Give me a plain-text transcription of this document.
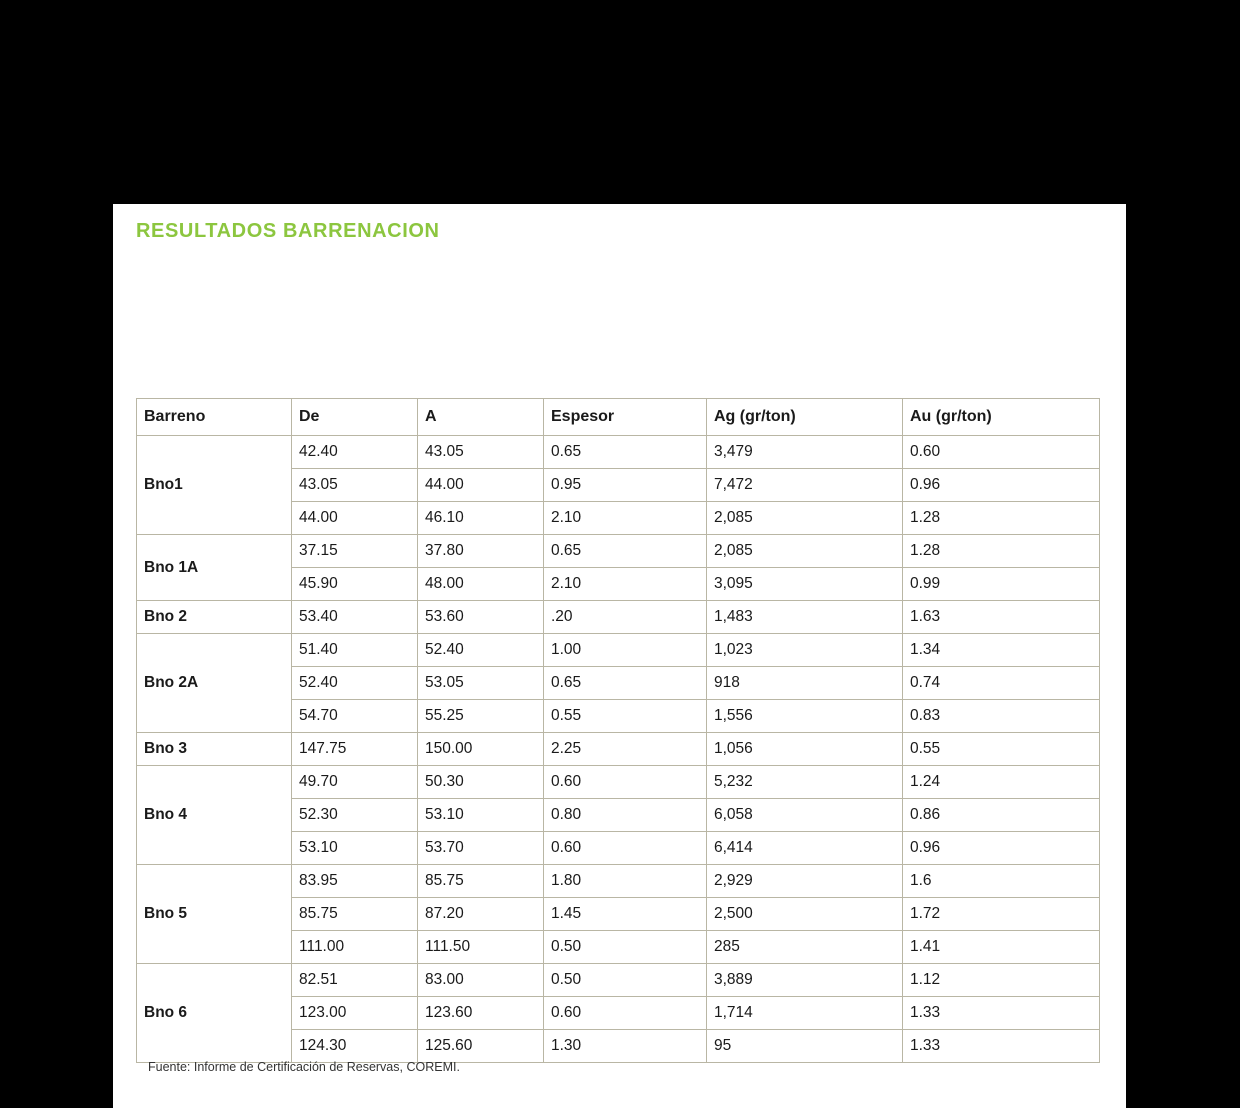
RESULTADOS BARRENACION
Barreno	De	A	Espesor	Ag (gr/ton)	Au (gr/ton)
Bno1	42.40	43.05	0.65	3,479	0.60
	43.05	44.00	0.95	7,472	0.96
	44.00	46.10	2.10	2,085	1.28
Bno 1A	37.15	37.80	0.65	2,085	1.28
	45.90	48.00	2.10	3,095	0.99
Bno 2	53.40	53.60	.20	1,483	1.63
Bno 2A	51.40	52.40	1.00	1,023	1.34
	52.40	53.05	0.65	918	0.74
	54.70	55.25	0.55	1,556	0.83
Bno 3	147.75	150.00	2.25	1,056	0.55
Bno 4	49.70	50.30	0.60	5,232	1.24
	52.30	53.10	0.80	6,058	0.86
	53.10	53.70	0.60	6,414	0.96
Bno 5	83.95	85.75	1.80	2,929	1.6
	85.75	87.20	1.45	2,500	1.72
	111.00	111.50	0.50	285	1.41
Bno 6	82.51	83.00	0.50	3,889	1.12
	123.00	123.60	0.60	1,714	1.33
	124.30	125.60	1.30	95	1.33
Fuente: Informe de Certificación de Reservas, COREMI.
